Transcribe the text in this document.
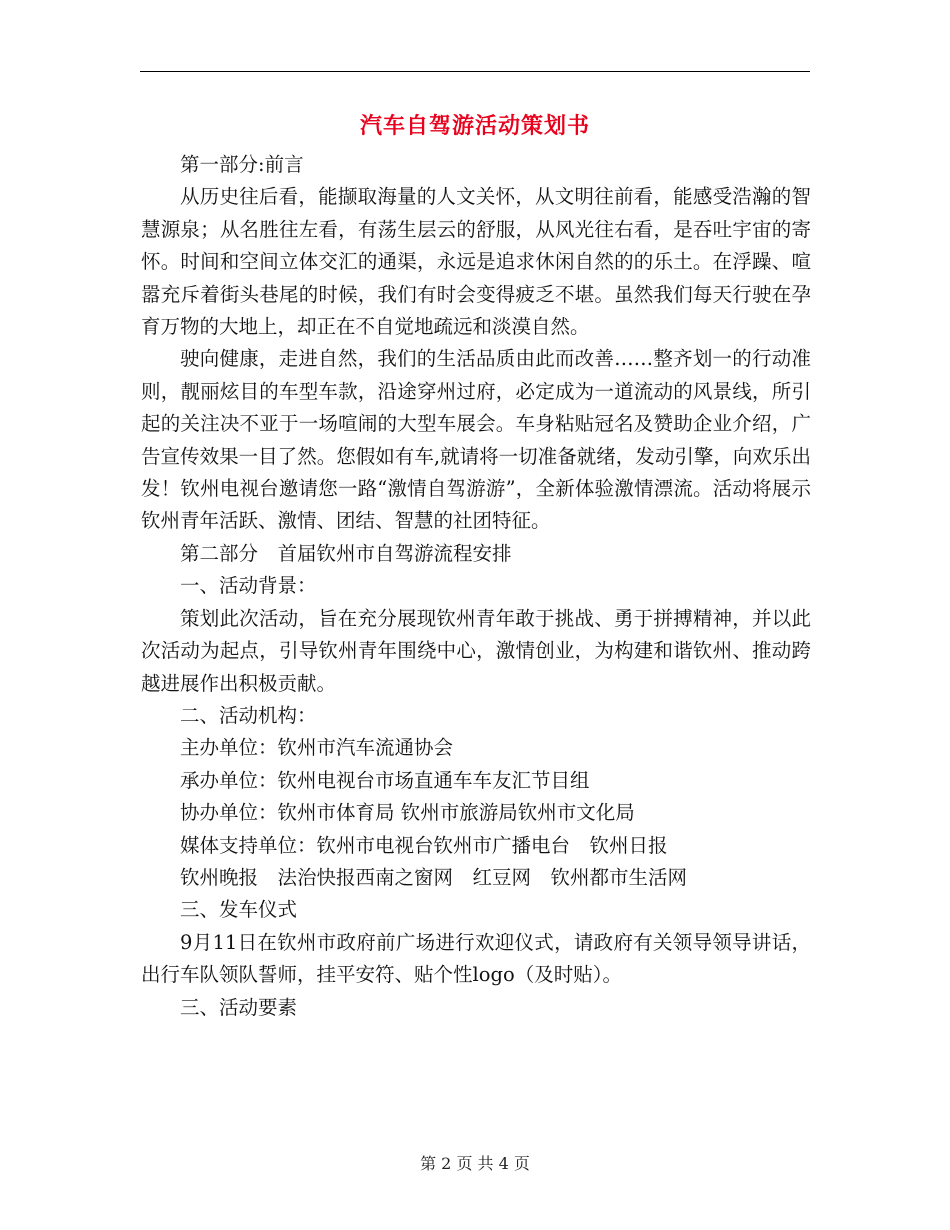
汽车自驾游活动策划书

第一部分:前言

从历史往后看，能撷取海量的人文关怀，从文明往前看，能感受浩瀚的智慧源泉；从名胜往左看，有荡生层云的舒服，从风光往右看，是吞吐宇宙的寄怀。时间和空间立体交汇的通渠，永远是追求休闲自然的的乐土。在浮躁、喧嚣充斥着街头巷尾的时候，我们有时会变得疲乏不堪。虽然我们每天行驶在孕育万物的大地上，却正在不自觉地疏远和淡漠自然。

驶向健康，走进自然，我们的生活品质由此而改善……整齐划一的行动准则，靓丽炫目的车型车款，沿途穿州过府，必定成为一道流动的风景线，所引起的关注决不亚于一场喧闹的大型车展会。车身粘贴冠名及赞助企业介绍，广告宣传效果一目了然。您假如有车,就请将一切准备就绪，发动引擎，向欢乐出发！钦州电视台邀请您一路“激情自驾游游”，全新体验激情漂流。活动将展示钦州青年活跃、激情、团结、智慧的社团特征。

第二部分　首届钦州市自驾游流程安排

一、活动背景：

策划此次活动，旨在充分展现钦州青年敢于挑战、勇于拼搏精神，并以此次活动为起点，引导钦州青年围绕中心，激情创业，为构建和谐钦州、推动跨越进展作出积极贡献。

二、活动机构：

主办单位：钦州市汽车流通协会

承办单位：钦州电视台市场直通车车友汇节目组

协办单位：钦州市体育局 钦州市旅游局钦州市文化局

媒体支持单位：钦州市电视台钦州市广播电台　钦州日报

钦州晚报　法治快报西南之窗网　红豆网　钦州都市生活网

三、发车仪式

9月11日在钦州市政府前广场进行欢迎仪式，请政府有关领导领导讲话，出行车队领队誓师，挂平安符、贴个性logo（及时贴）。

三、活动要素

第 2 页 共 4 页
